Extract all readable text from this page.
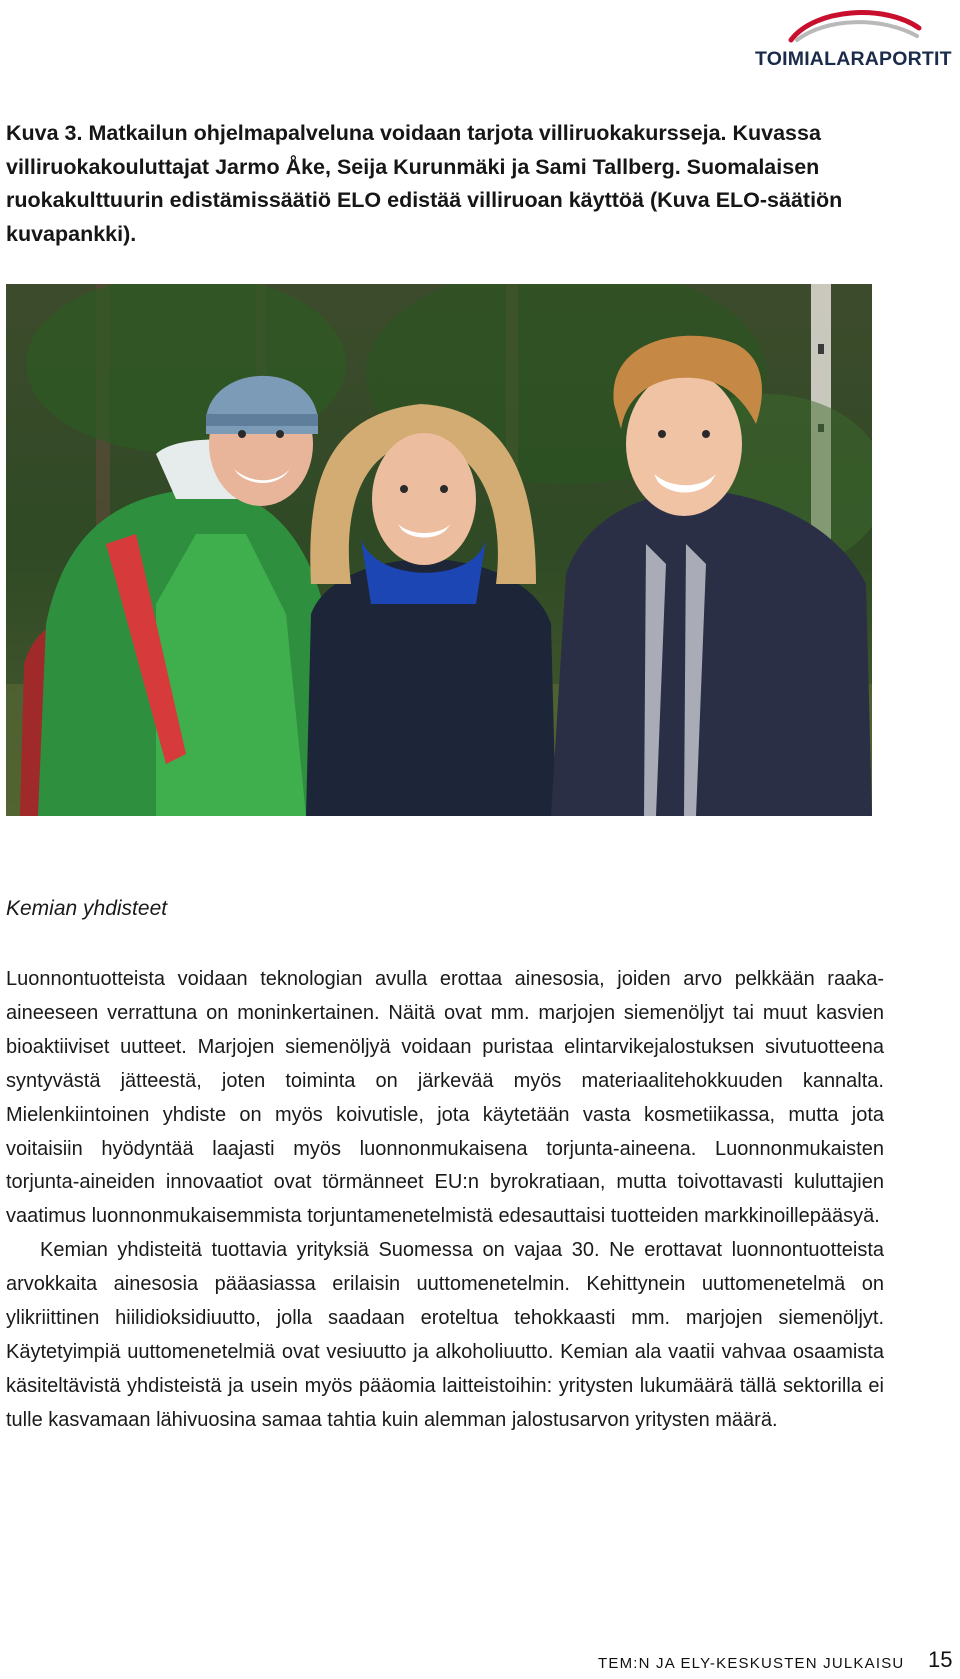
TOIMIALARAPORTIT
Kuva 3. Matkailun ohjelmapalveluna voidaan tarjota villiruokakursseja. Kuvassa villiruokakouluttajat Jarmo Åke, Seija Kurunmäki ja Sami Tallberg. Suomalaisen ruokakulttuurin edistämissäätiö ELO edistää villiruoan käyttöä (Kuva ELO-säätiön kuvapankki).
Kemian yhdisteet

Luonnontuotteista voidaan teknologian avulla erottaa ainesosia, joiden arvo pelkkään raaka-aineeseen verrattuna on moninkertainen. Näitä ovat mm. marjojen siemenöljyt tai muut kasvien bioaktiiviset uutteet. Marjojen siemenöljyä voidaan puristaa elintarvikejalostuksen sivutuotteena syntyvästä jätteestä, joten toiminta on järkevää myös materiaalitehokkuuden kannalta. Mielenkiintoinen yhdiste on myös koivutisle, jota käytetään vasta kosmetiikassa, mutta jota voitaisiin hyödyntää laajasti myös luonnonmukaisena torjunta-aineena. Luonnonmukaisten torjunta-aineiden innovaatiot ovat törmänneet EU:n byrokratiaan, mutta toivottavasti kuluttajien vaatimus luonnonmukaisemmista torjuntamenetelmistä edesauttaisi tuotteiden markkinoillepääsyä.

Kemian yhdisteitä tuottavia yrityksiä Suomessa on vajaa 30. Ne erottavat luonnontuotteista arvokkaita ainesosia pääasiassa erilaisin uuttomenetelmin. Kehittynein uuttomenetelmä on ylikriittinen hiilidioksidiuutto, jolla saadaan eroteltua tehokkaasti mm. marjojen siemenöljyt. Käytetyimpiä uuttomenetelmiä ovat vesiuutto ja alkoholiuutto. Kemian ala vaatii vahvaa osaamista käsiteltävistä yhdisteistä ja usein myös pääomia laitteistoihin: yritysten lukumäärä tällä sektorilla ei tulle kasvamaan lähivuosina samaa tahtia kuin alemman jalostusarvon yritysten määrä.

TEM:N JA ELY-KESKUSTEN JULKAISU 15
